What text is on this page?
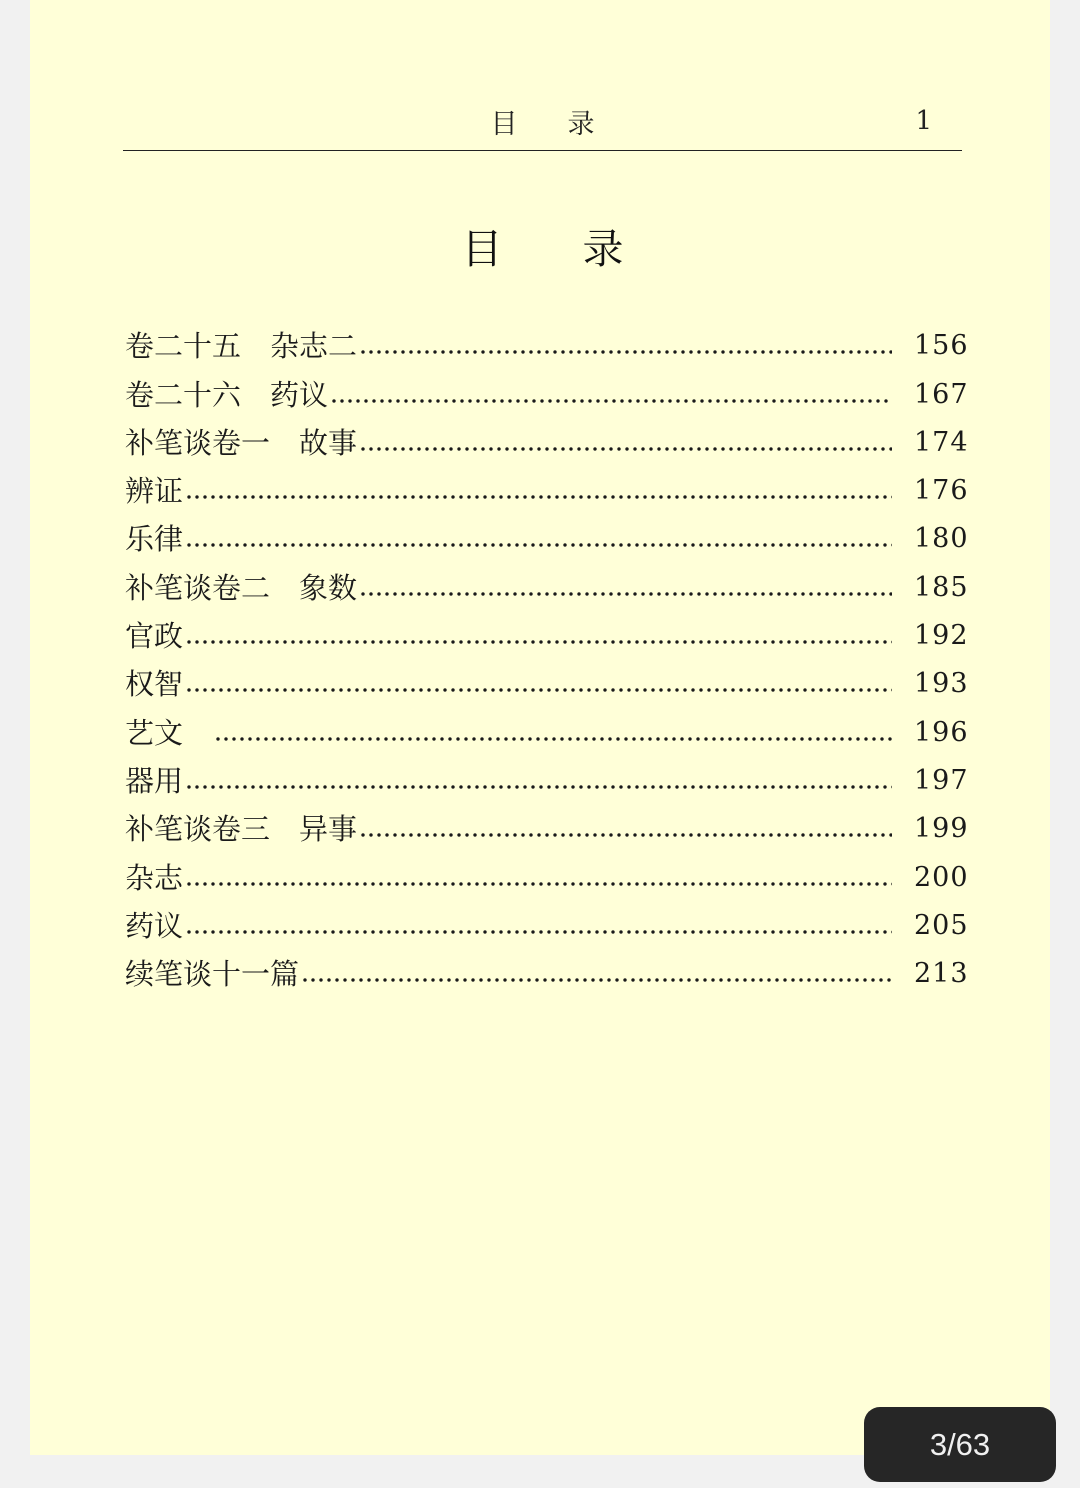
目录	1
目录
卷二十五　杂志二	156
卷二十六　药议	167
补笔谈卷一　故事	174
辨证	176
乐律	180
补笔谈卷二　象数	185
官政	192
权智	193
艺文　	196
器用	197
补笔谈卷三　异事	199
杂志	200
药议	205
续笔谈十一篇	213
3/63
